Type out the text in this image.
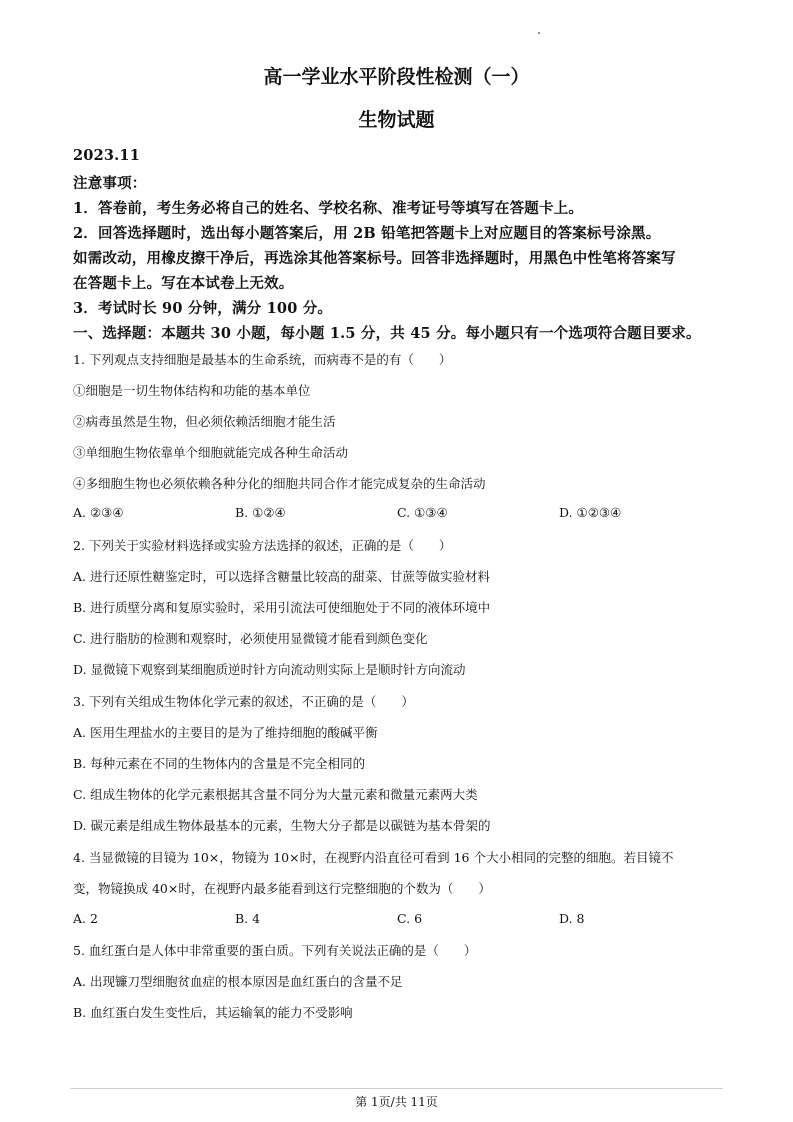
高一学业水平阶段性检测（一）
生物试题
2023.11
注意事项：
1．答卷前，考生务必将自己的姓名、学校名称、准考证号等填写在答题卡上。
2．回答选择题时，选出每小题答案后，用 2B 铅笔把答题卡上对应题目的答案标号涂黑。
如需改动，用橡皮擦干净后，再选涂其他答案标号。回答非选择题时，用黑色中性笔将答案写
在答题卡上。写在本试卷上无效。
3．考试时长 90 分钟，满分 100 分。
一、选择题：本题共 30 小题，每小题 1.5 分，共 45 分。每小题只有一个选项符合题目要求。
1. 下列观点支持细胞是最基本的生命系统，而病毒不是的有（　　）
①细胞是一切生物体结构和功能的基本单位
②病毒虽然是生物，但必须依赖活细胞才能生活
③单细胞生物依靠单个细胞就能完成各种生命活动
④多细胞生物也必须依赖各种分化的细胞共同合作才能完成复杂的生命活动
A. ②③④	B. ①②④	C. ①③④	D. ①②③④
2. 下列关于实验材料选择或实验方法选择的叙述，正确的是（　　）
A. 进行还原性糖鉴定时，可以选择含糖量比较高的甜菜、甘蔗等做实验材料
B. 进行质壁分离和复原实验时，采用引流法可使细胞处于不同的液体环境中
C. 进行脂肪的检测和观察时，必须使用显微镜才能看到颜色变化
D. 显微镜下观察到某细胞质逆时针方向流动则实际上是顺时针方向流动
3. 下列有关组成生物体化学元素的叙述，不正确的是（　　）
A. 医用生理盐水的主要目的是为了维持细胞的酸碱平衡
B. 每种元素在不同的生物体内的含量是不完全相同的
C. 组成生物体的化学元素根据其含量不同分为大量元素和微量元素两大类
D. 碳元素是组成生物体最基本的元素，生物大分子都是以碳链为基本骨架的
4. 当显微镜的目镜为 10×，物镜为 10×时，在视野内沿直径可看到 16 个大小相同的完整的细胞。若目镜不
变，物镜换成 40×时，在视野内最多能看到这行完整细胞的个数为（　　）
A. 2	B. 4	C. 6	D. 8
5. 血红蛋白是人体中非常重要的蛋白质。下列有关说法正确的是（　　）
A. 出现镰刀型细胞贫血症的根本原因是血红蛋白的含量不足
B. 血红蛋白发生变性后，其运输氧的能力不受影响
第 1页/共 11页
